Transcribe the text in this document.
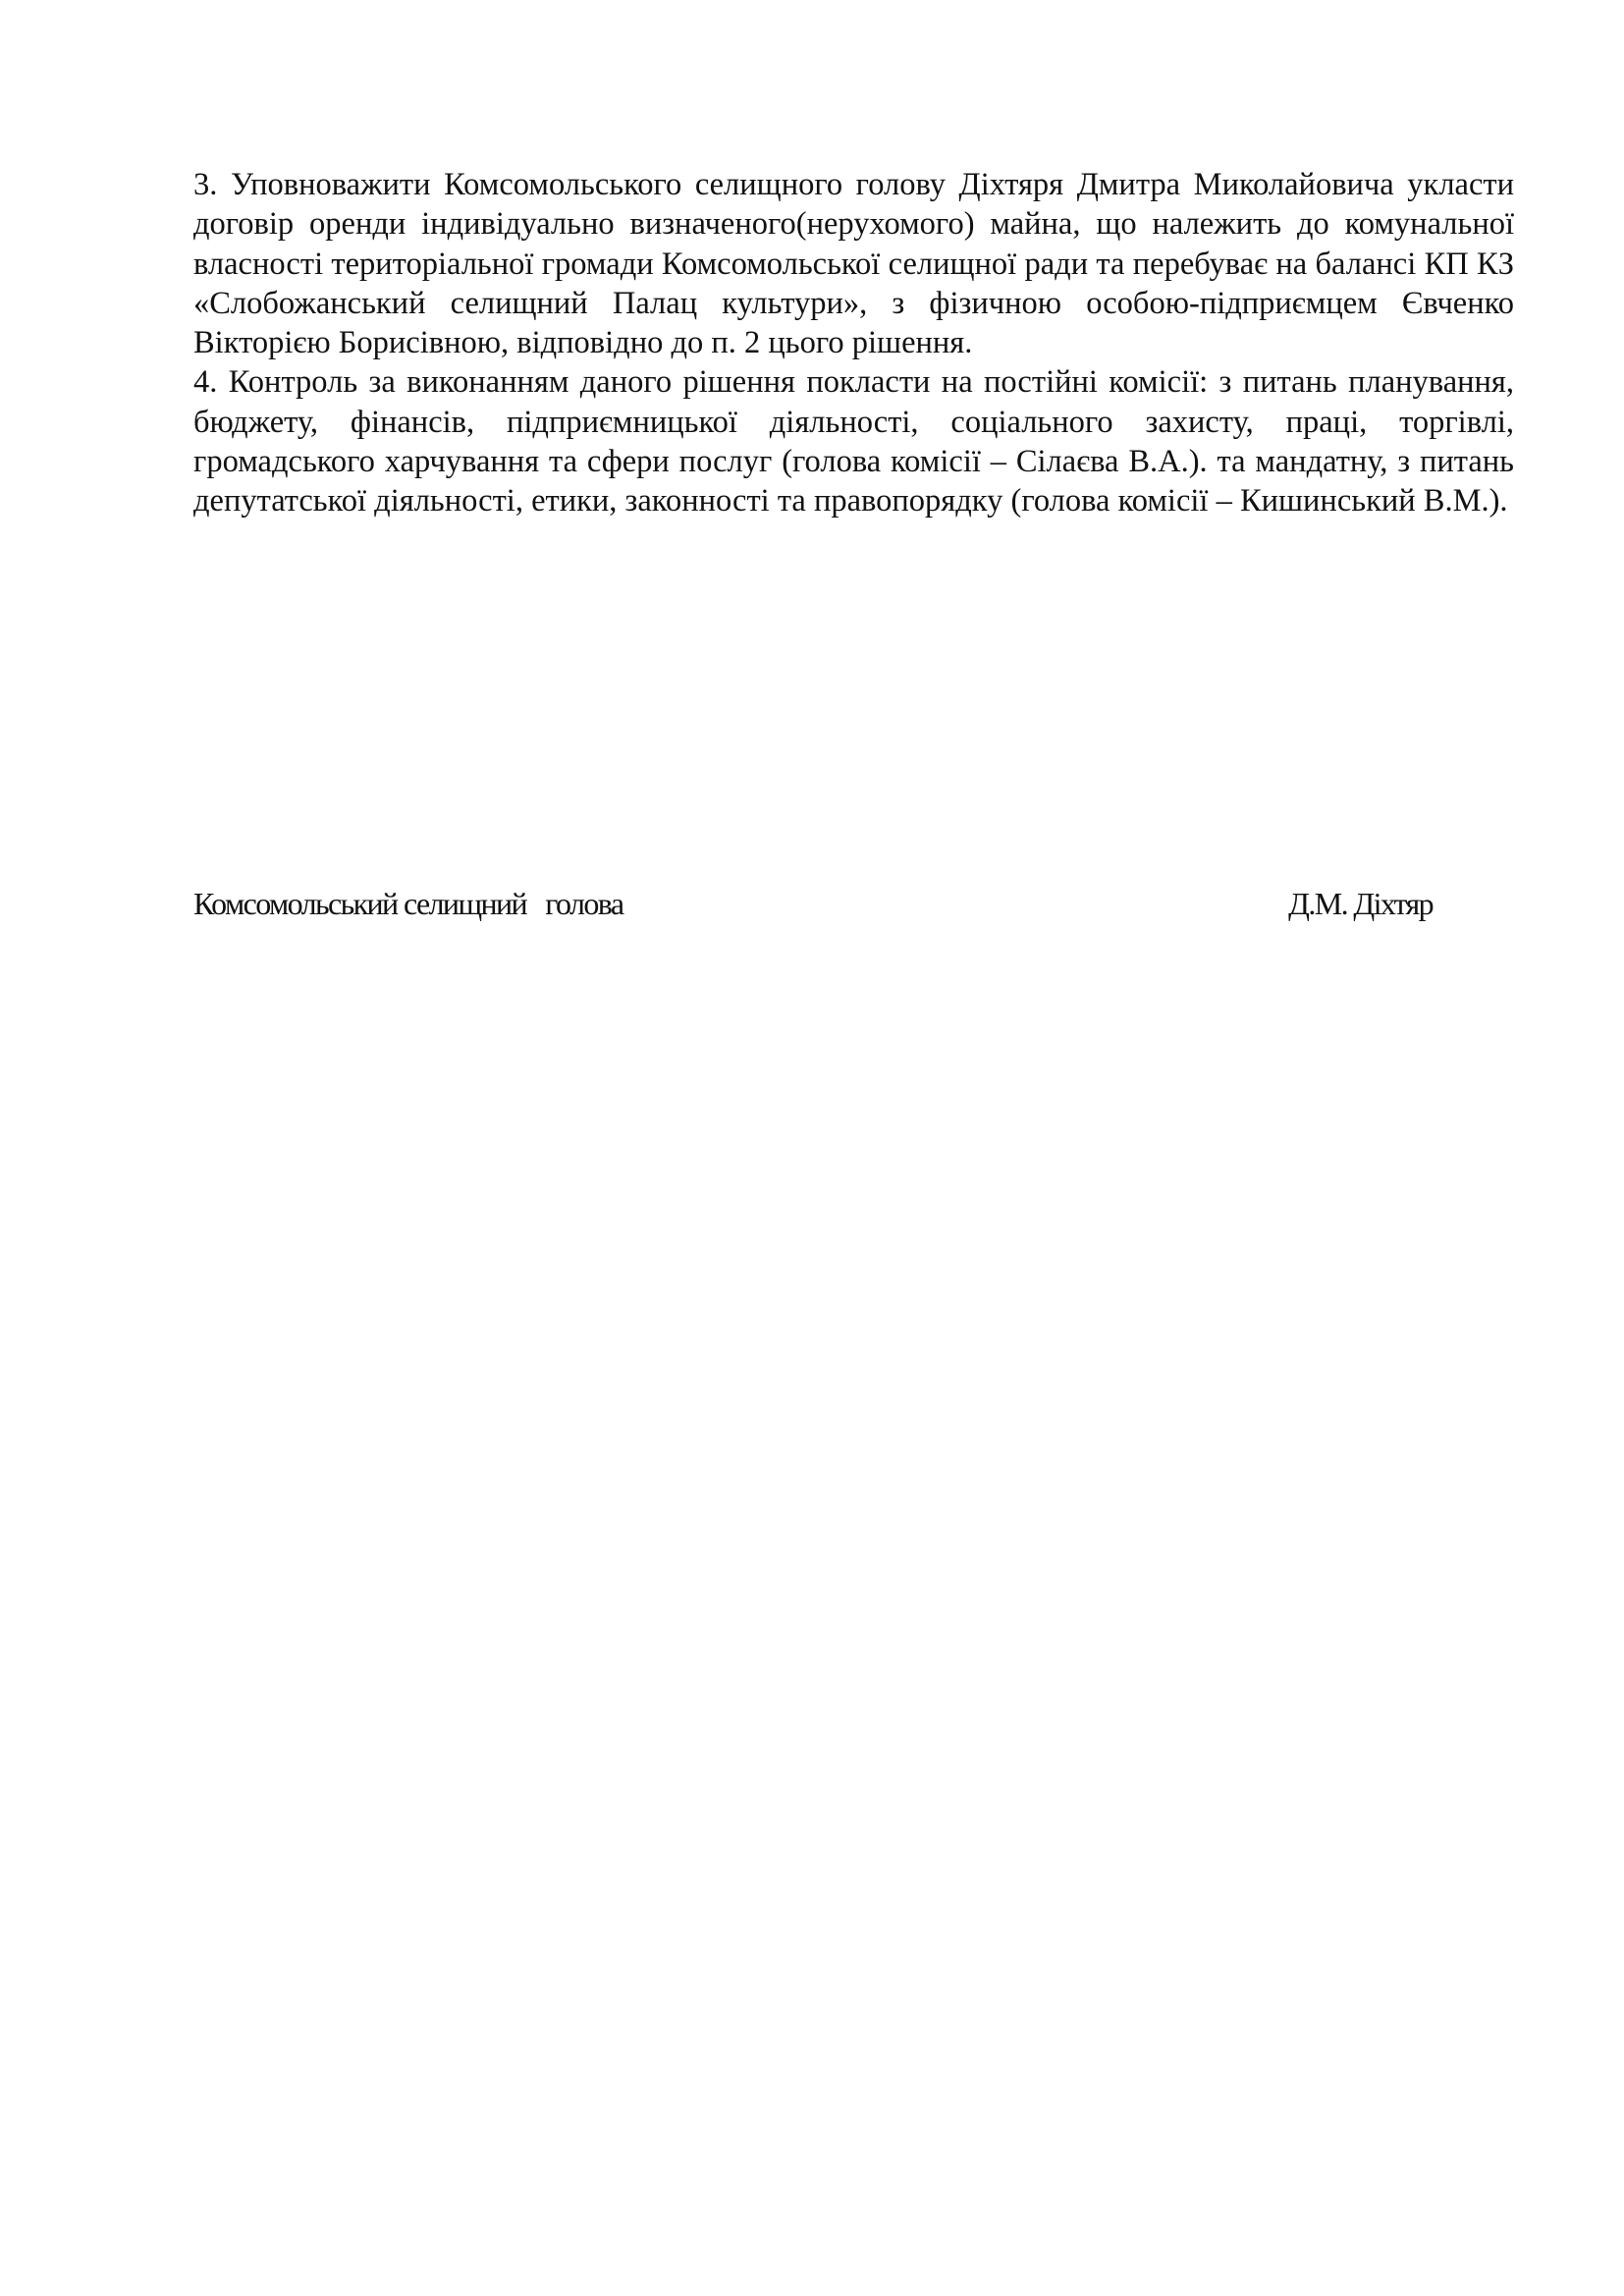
3. Уповноважити Комсомольського селищного голову Діхтяря Дмитра Миколайовича укласти договір оренди індивідуально визначеного(нерухомого) майна, що належить до комунальної власності територіальної громади Комсомольської селищної ради та перебуває на балансі КП КЗ «Слобожанський селищний Палац культури», з фізичною особою-підприємцем Євченко Вікторією Борисівною, відповідно до п. 2 цього рішення.

4. Контроль за виконанням даного рішення покласти на постійні комісії: з питань планування, бюджету, фінансів, підприємницької діяльності, соціального захисту, праці, торгівлі, громадського харчування та сфери послуг (голова комісії – Сілаєва В.А.). та мандатну, з питань депутатської діяльності, етики, законності та правопорядку (голова комісії – Кишинський В.М.).

Комсомольський селищний   голова	Д.М. Діхтяр
